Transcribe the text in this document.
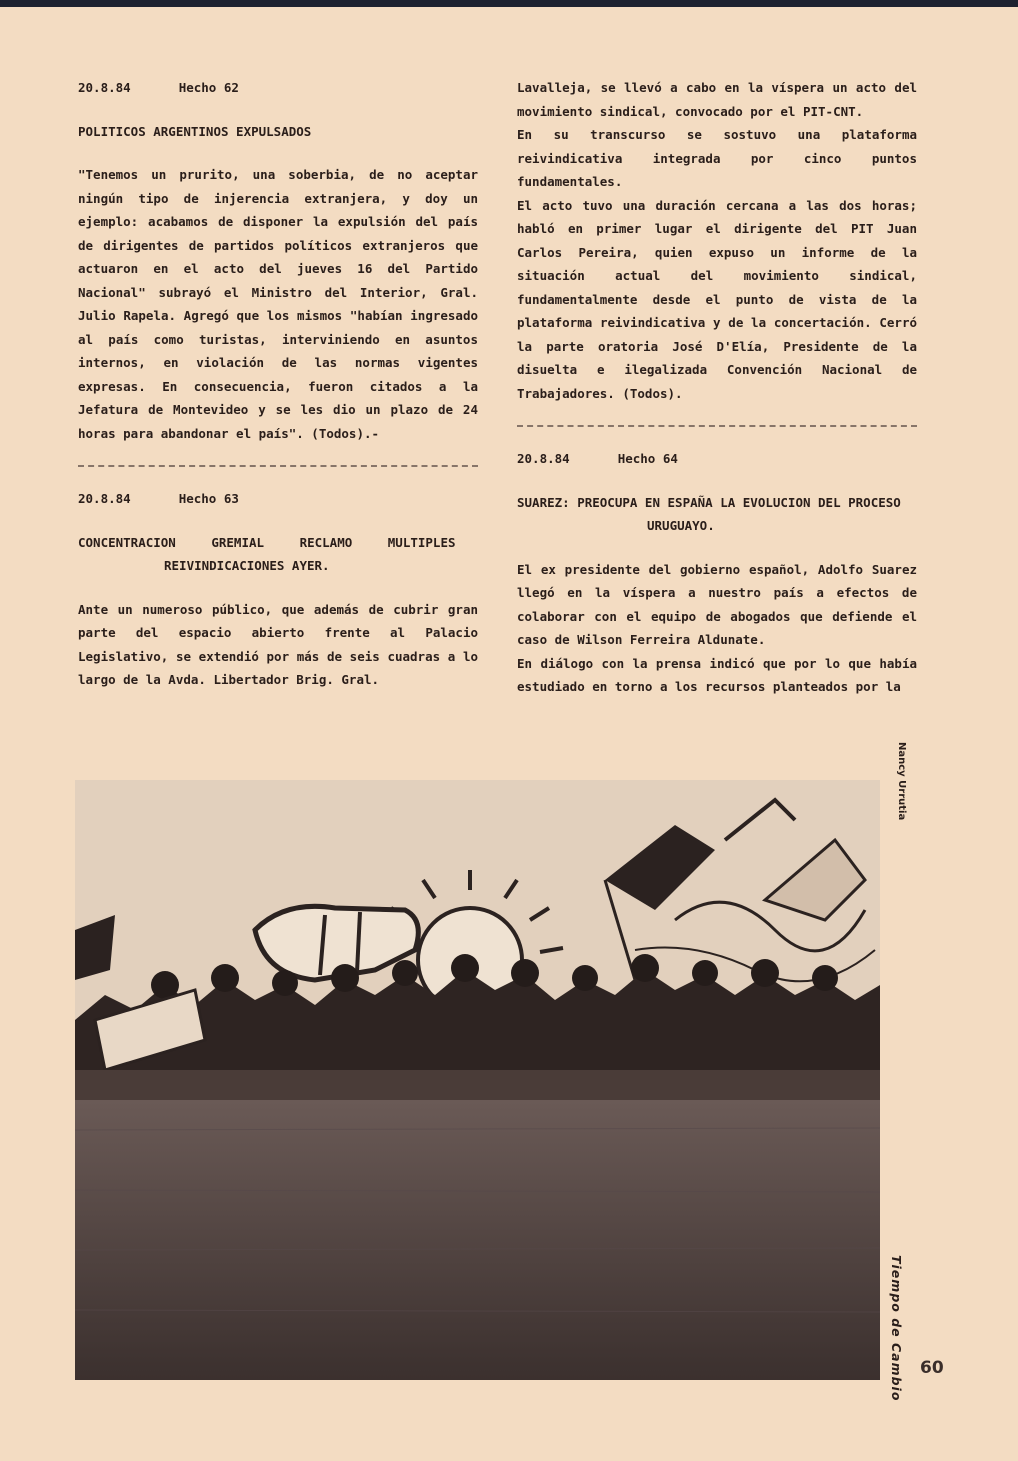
20.8.84	Hecho 62
POLITICOS ARGENTINOS EXPULSADOS

"Tenemos un prurito, una soberbia, de no aceptar ningún tipo de injerencia extranjera, y doy un ejemplo: acabamos de disponer la expulsión del país de dirigentes de partidos políticos extranjeros que actuaron en el acto del jueves 16 del Partido Nacional" subrayó el Ministro del Interior, Gral. Julio Rapela. Agregó que los mismos "habían ingresado al país como turistas, interviniendo en asuntos internos, en violación de las normas vigentes expresas. En consecuencia, fueron citados a la Jefatura de Montevideo y se les dio un plazo de 24 horas para abandonar el país". (Todos).-

20.8.84	Hecho 63
CONCENTRACION GREMIAL RECLAMO MULTIPLES
REIVINDICACIONES AYER.

Ante un numeroso público, que además de cubrir gran parte del espacio abierto frente al Palacio Legislativo, se extendió por más de seis cuadras a lo largo de la Avda. Libertador Brig. Gral.

Lavalleja, se llevó a cabo en la víspera un acto del movimiento sindical, convocado por el PIT-CNT.

En su transcurso se sostuvo una plataforma reivindicativa integrada por cinco puntos fundamentales.

El acto tuvo una duración cercana a las dos horas; habló en primer lugar el dirigente del PIT Juan Carlos Pereira, quien expuso un informe de la situación actual del movimiento sindical, fundamentalmente desde el punto de vista de la plataforma reivindicativa y de la concertación. Cerró la parte oratoria José D'Elía, Presidente de la disuelta e ilegalizada Convención Nacional de Trabajadores. (Todos).

20.8.84	Hecho 64
SUAREZ: PREOCUPA EN ESPAÑA LA EVOLUCION DEL PROCESO
URUGUAYO.

El ex presidente del gobierno español, Adolfo Suarez llegó en la víspera a nuestro país a efectos de colaborar con el equipo de abogados que defiende el caso de Wilson Ferreira Aldunate.

En diálogo con la prensa indicó que por lo que había estudiado en torno a los recursos planteados por la

Nancy Urrutia
Tiempo de Cambio 60
